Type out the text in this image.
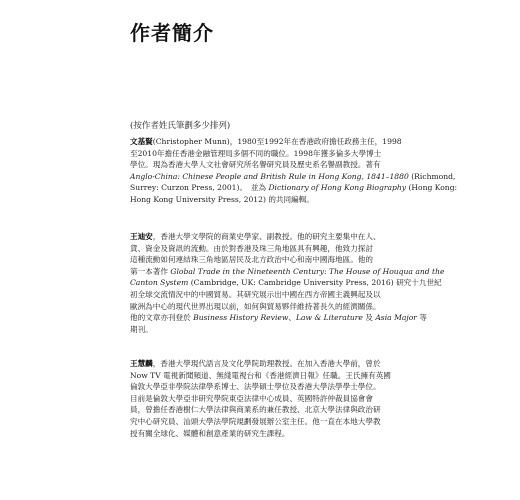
作者簡介
(按作者姓氏筆劃多少排列)
文基賢(Christopher Munn)，1980至1992年在香港政府擔任政務主任，1998
至2010年擔任香港金融管理局多個不同的職位。1998年獲多倫多大學博士
學位。現為香港大學人文社會研究所名譽研究員及歷史系名譽副教授。著有
Anglo-China: Chinese People and British Rule in Hong Kong, 1841–1880 (Richmond,
Surrey: Curzon Press, 2001)。　並為 Dictionary of Hong Kong Biography (Hong Kong:
Hong Kong University Press, 2012) 的共同編輯。
王迪安，香港大學文學院的商業史學家、副教授。他的研究主要集中在人、
貨、資金及資訊的流動。由於對香港及珠三角地區具有興趣，他致力探討
這種流動如何連結珠三角地區居民及北方政治中心和南中國海地區。他的
第一本著作 Global Trade in the Nineteenth Century: The House of Houqua and the
Canton System (Cambridge, UK: Cambridge University Press, 2016) 研究十九世紀
初全球交流情況中的中國貿易。其研究展示出中國在西方帝國主義興起及以
歐洲為中心的現代世界出現以前，如何與貿易夥伴維持著長久的經濟關係。
他的文章亦刊登於 Business History Review、Law & Literature 及 Asia Major 等
期刊。
王慧麟，香港大學現代語言及文化學院助理教授。在加入香港大學前，曾於
Now TV 電視新聞頻道、無綫電視台和《香港經濟日報》任職。王氏擁有英國
倫敦大學亞非學院法律學系博士、法學碩士學位及香港大學法學學士學位。
目前是倫敦大學亞非研究學院東亞法律中心成員、英國特許仲裁員協會會
員，曾擔任香港樹仁大學法律與商業系的兼任教授、北京大學法律與政治研
究中心研究員、汕頭大學法學院規劃發展辦公室主任。他一直在本地大學教
授有關全球化、媒體和創意產業的研究生課程。
